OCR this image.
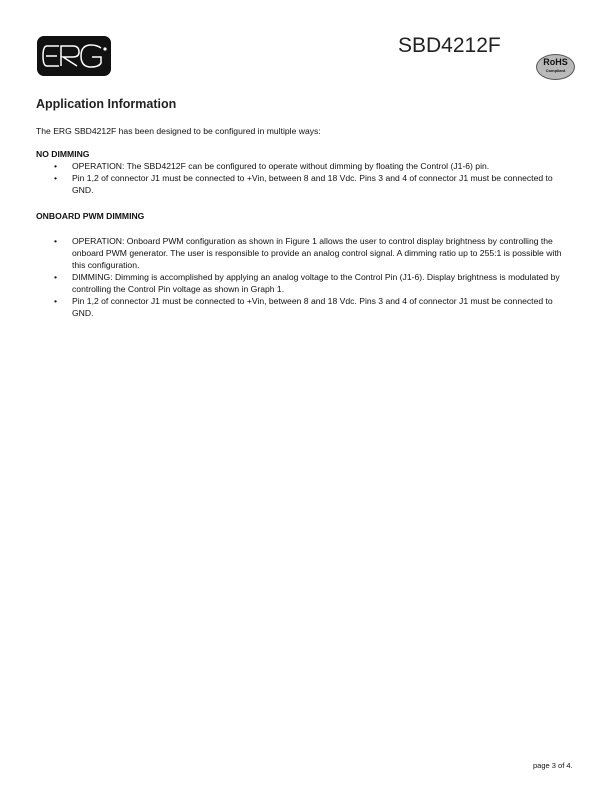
SBD4212F
RoHS
Compliant
Application Information
The ERG SBD4212F has been designed to be configured in multiple ways:
NO DIMMING
• OPERATION: The SBD4212F can be configured to operate without dimming by floating the Control (J1-6) pin.
• Pin 1,2 of connector J1 must be connected to +Vin, between 8 and 18 Vdc. Pins 3 and 4 of connector J1 must be connected to GND.
ONBOARD PWM DIMMING
• OPERATION: Onboard PWM configuration as shown in Figure 1 allows the user to control display brightness by controlling the onboard PWM generator. The user is responsible to provide an analog control signal. A dimming ratio up to 255:1 is possible with this configuration.
• DIMMING: Dimming is accomplished by applying an analog voltage to the Control Pin (J1-6). Display brightness is modulated by controlling the Control Pin voltage as shown in Graph 1.
• Pin 1,2 of connector J1 must be connected to +Vin, between 8 and 18 Vdc. Pins 3 and 4 of connector J1 must be connected to GND.
page 3 of 4.
